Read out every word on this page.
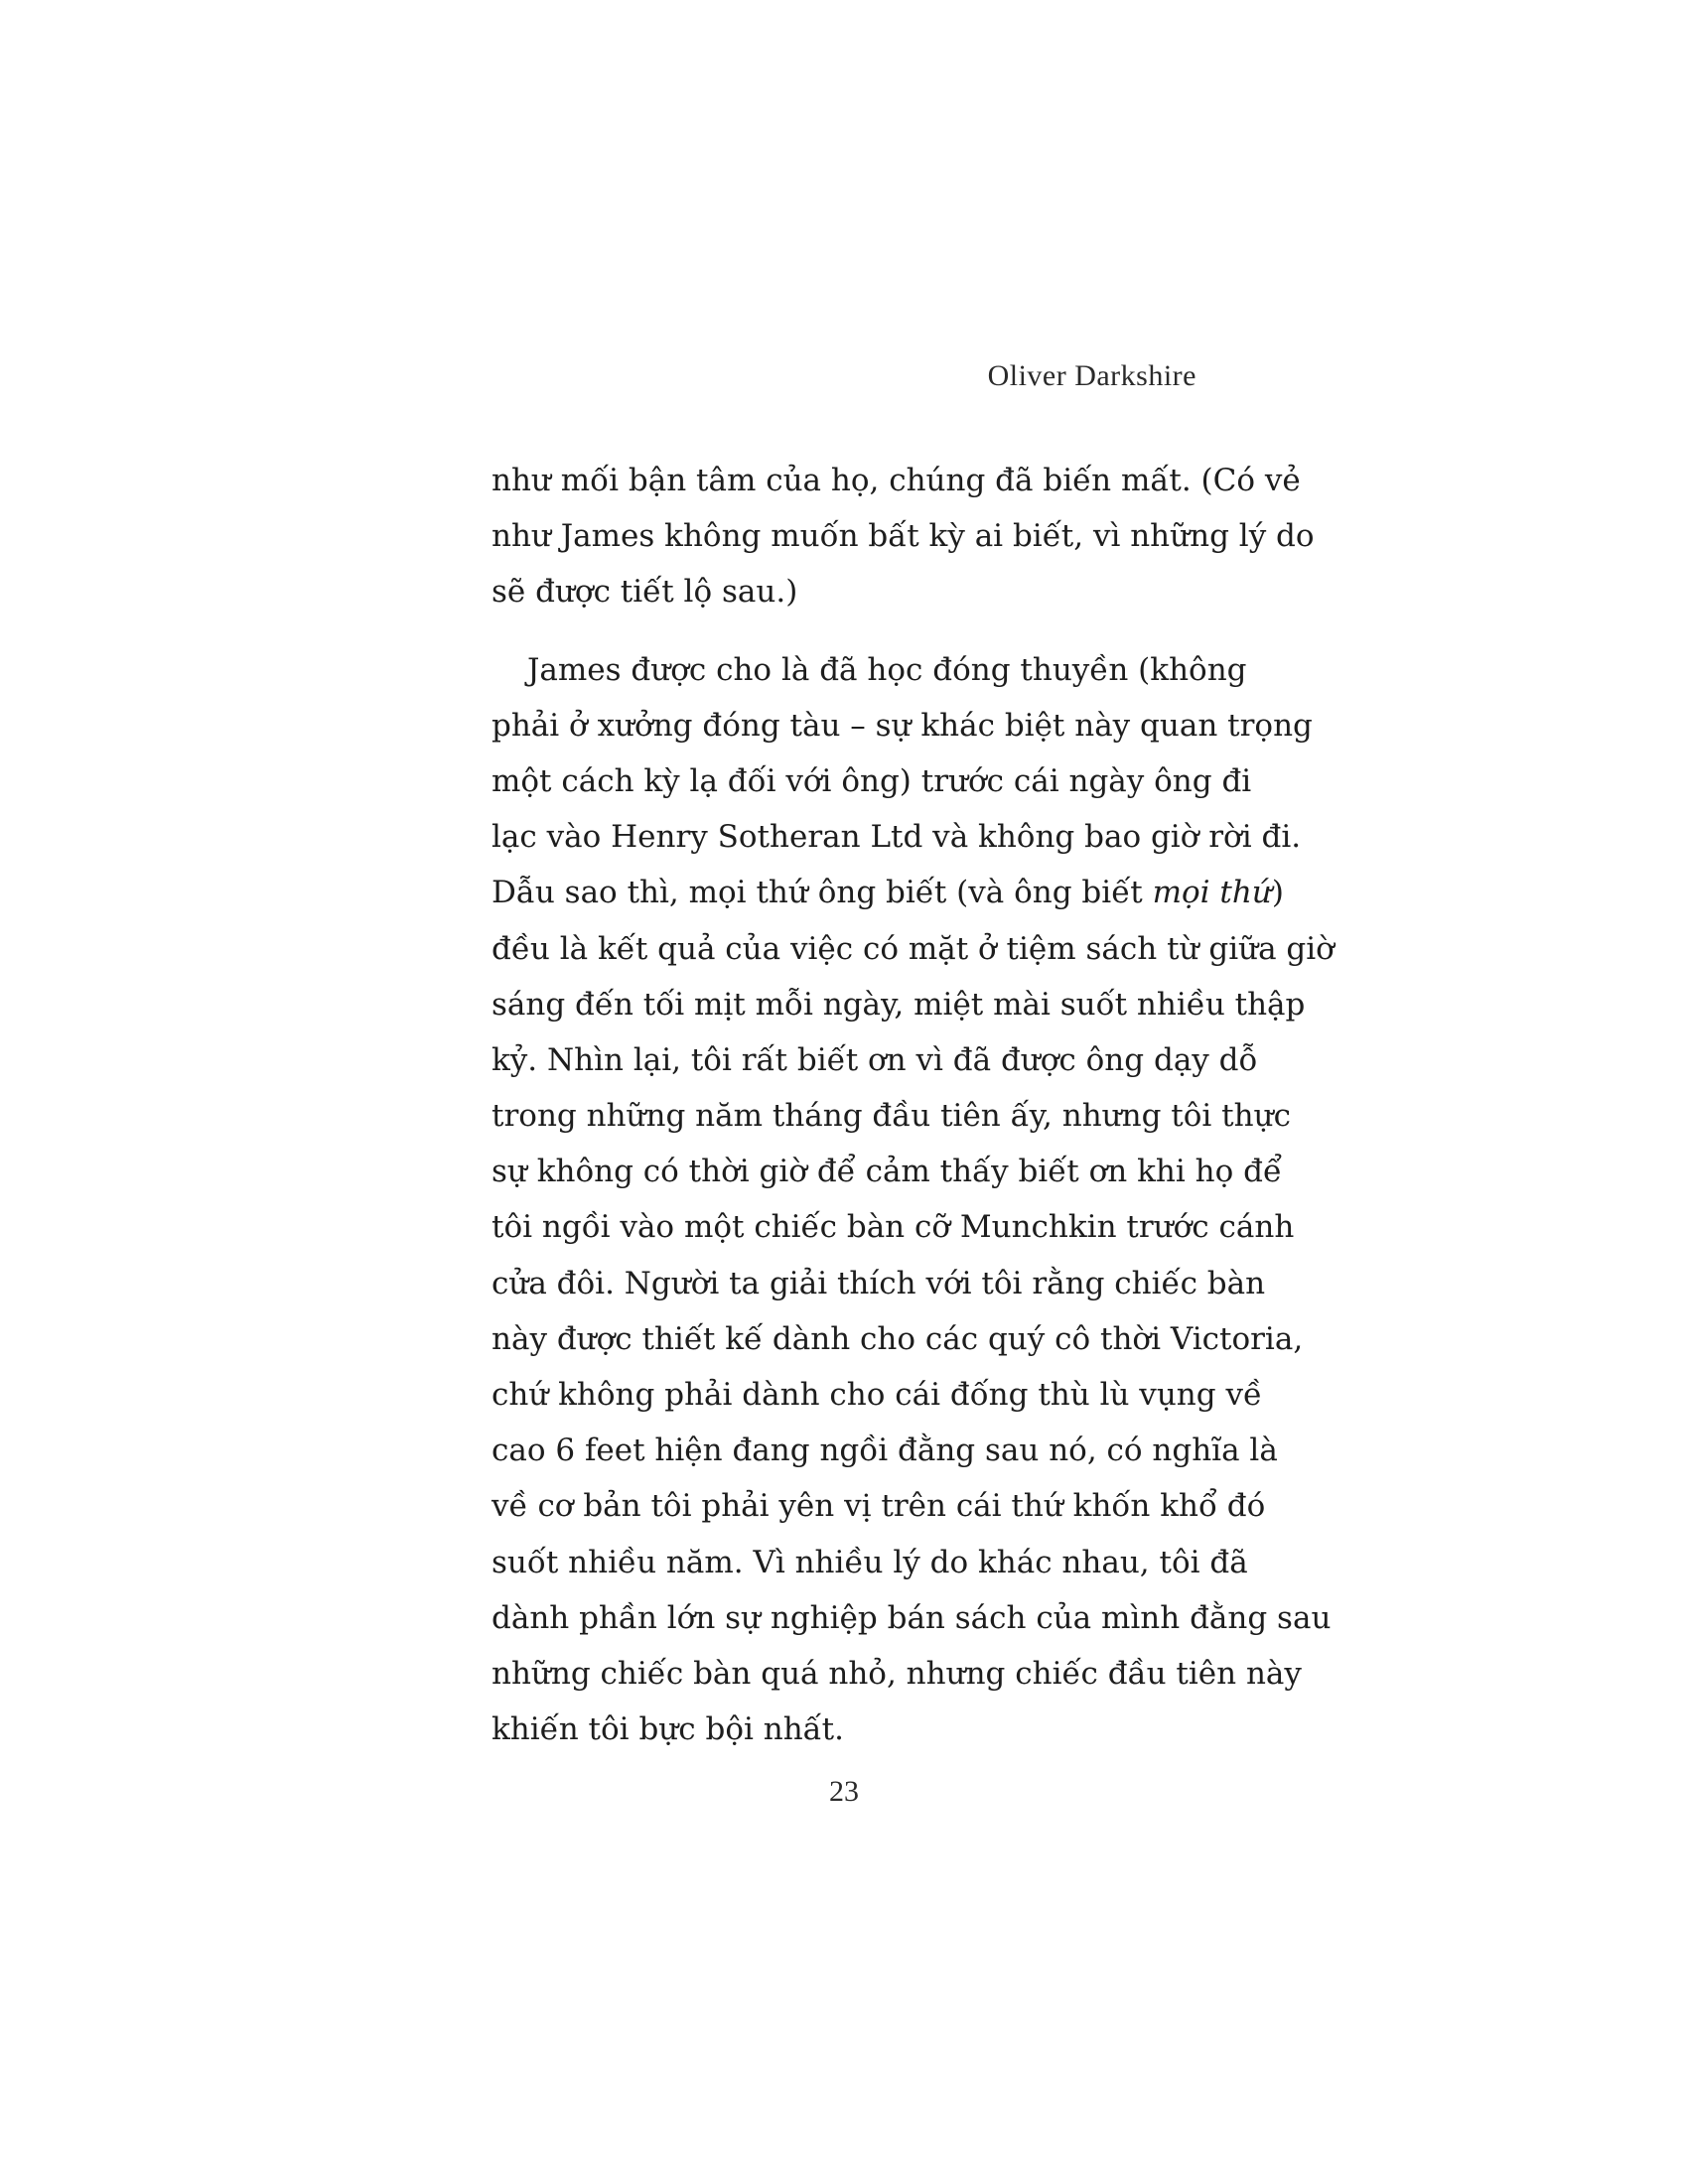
Oliver Darkshire
như mối bận tâm của họ, chúng đã biến mất. (Có vẻ
như James không muốn bất kỳ ai biết, vì những lý do
sẽ được tiết lộ sau.)
James được cho là đã học đóng thuyền (không
phải ở xưởng đóng tàu – sự khác biệt này quan trọng
một cách kỳ lạ đối với ông) trước cái ngày ông đi
lạc vào Henry Sotheran Ltd và không bao giờ rời đi.
Dẫu sao thì, mọi thứ ông biết (và ông biết mọi thứ)
đều là kết quả của việc có mặt ở tiệm sách từ giữa giờ
sáng đến tối mịt mỗi ngày, miệt mài suốt nhiều thập
kỷ. Nhìn lại, tôi rất biết ơn vì đã được ông dạy dỗ
trong những năm tháng đầu tiên ấy, nhưng tôi thực
sự không có thời giờ để cảm thấy biết ơn khi họ để
tôi ngồi vào một chiếc bàn cỡ Munchkin trước cánh
cửa đôi. Người ta giải thích với tôi rằng chiếc bàn
này được thiết kế dành cho các quý cô thời Victoria,
chứ không phải dành cho cái đống thù lù vụng về
cao 6 feet hiện đang ngồi đằng sau nó, có nghĩa là
về cơ bản tôi phải yên vị trên cái thứ khốn khổ đó
suốt nhiều năm. Vì nhiều lý do khác nhau, tôi đã
dành phần lớn sự nghiệp bán sách của mình đằng sau
những chiếc bàn quá nhỏ, nhưng chiếc đầu tiên này
khiến tôi bực bội nhất.
23
